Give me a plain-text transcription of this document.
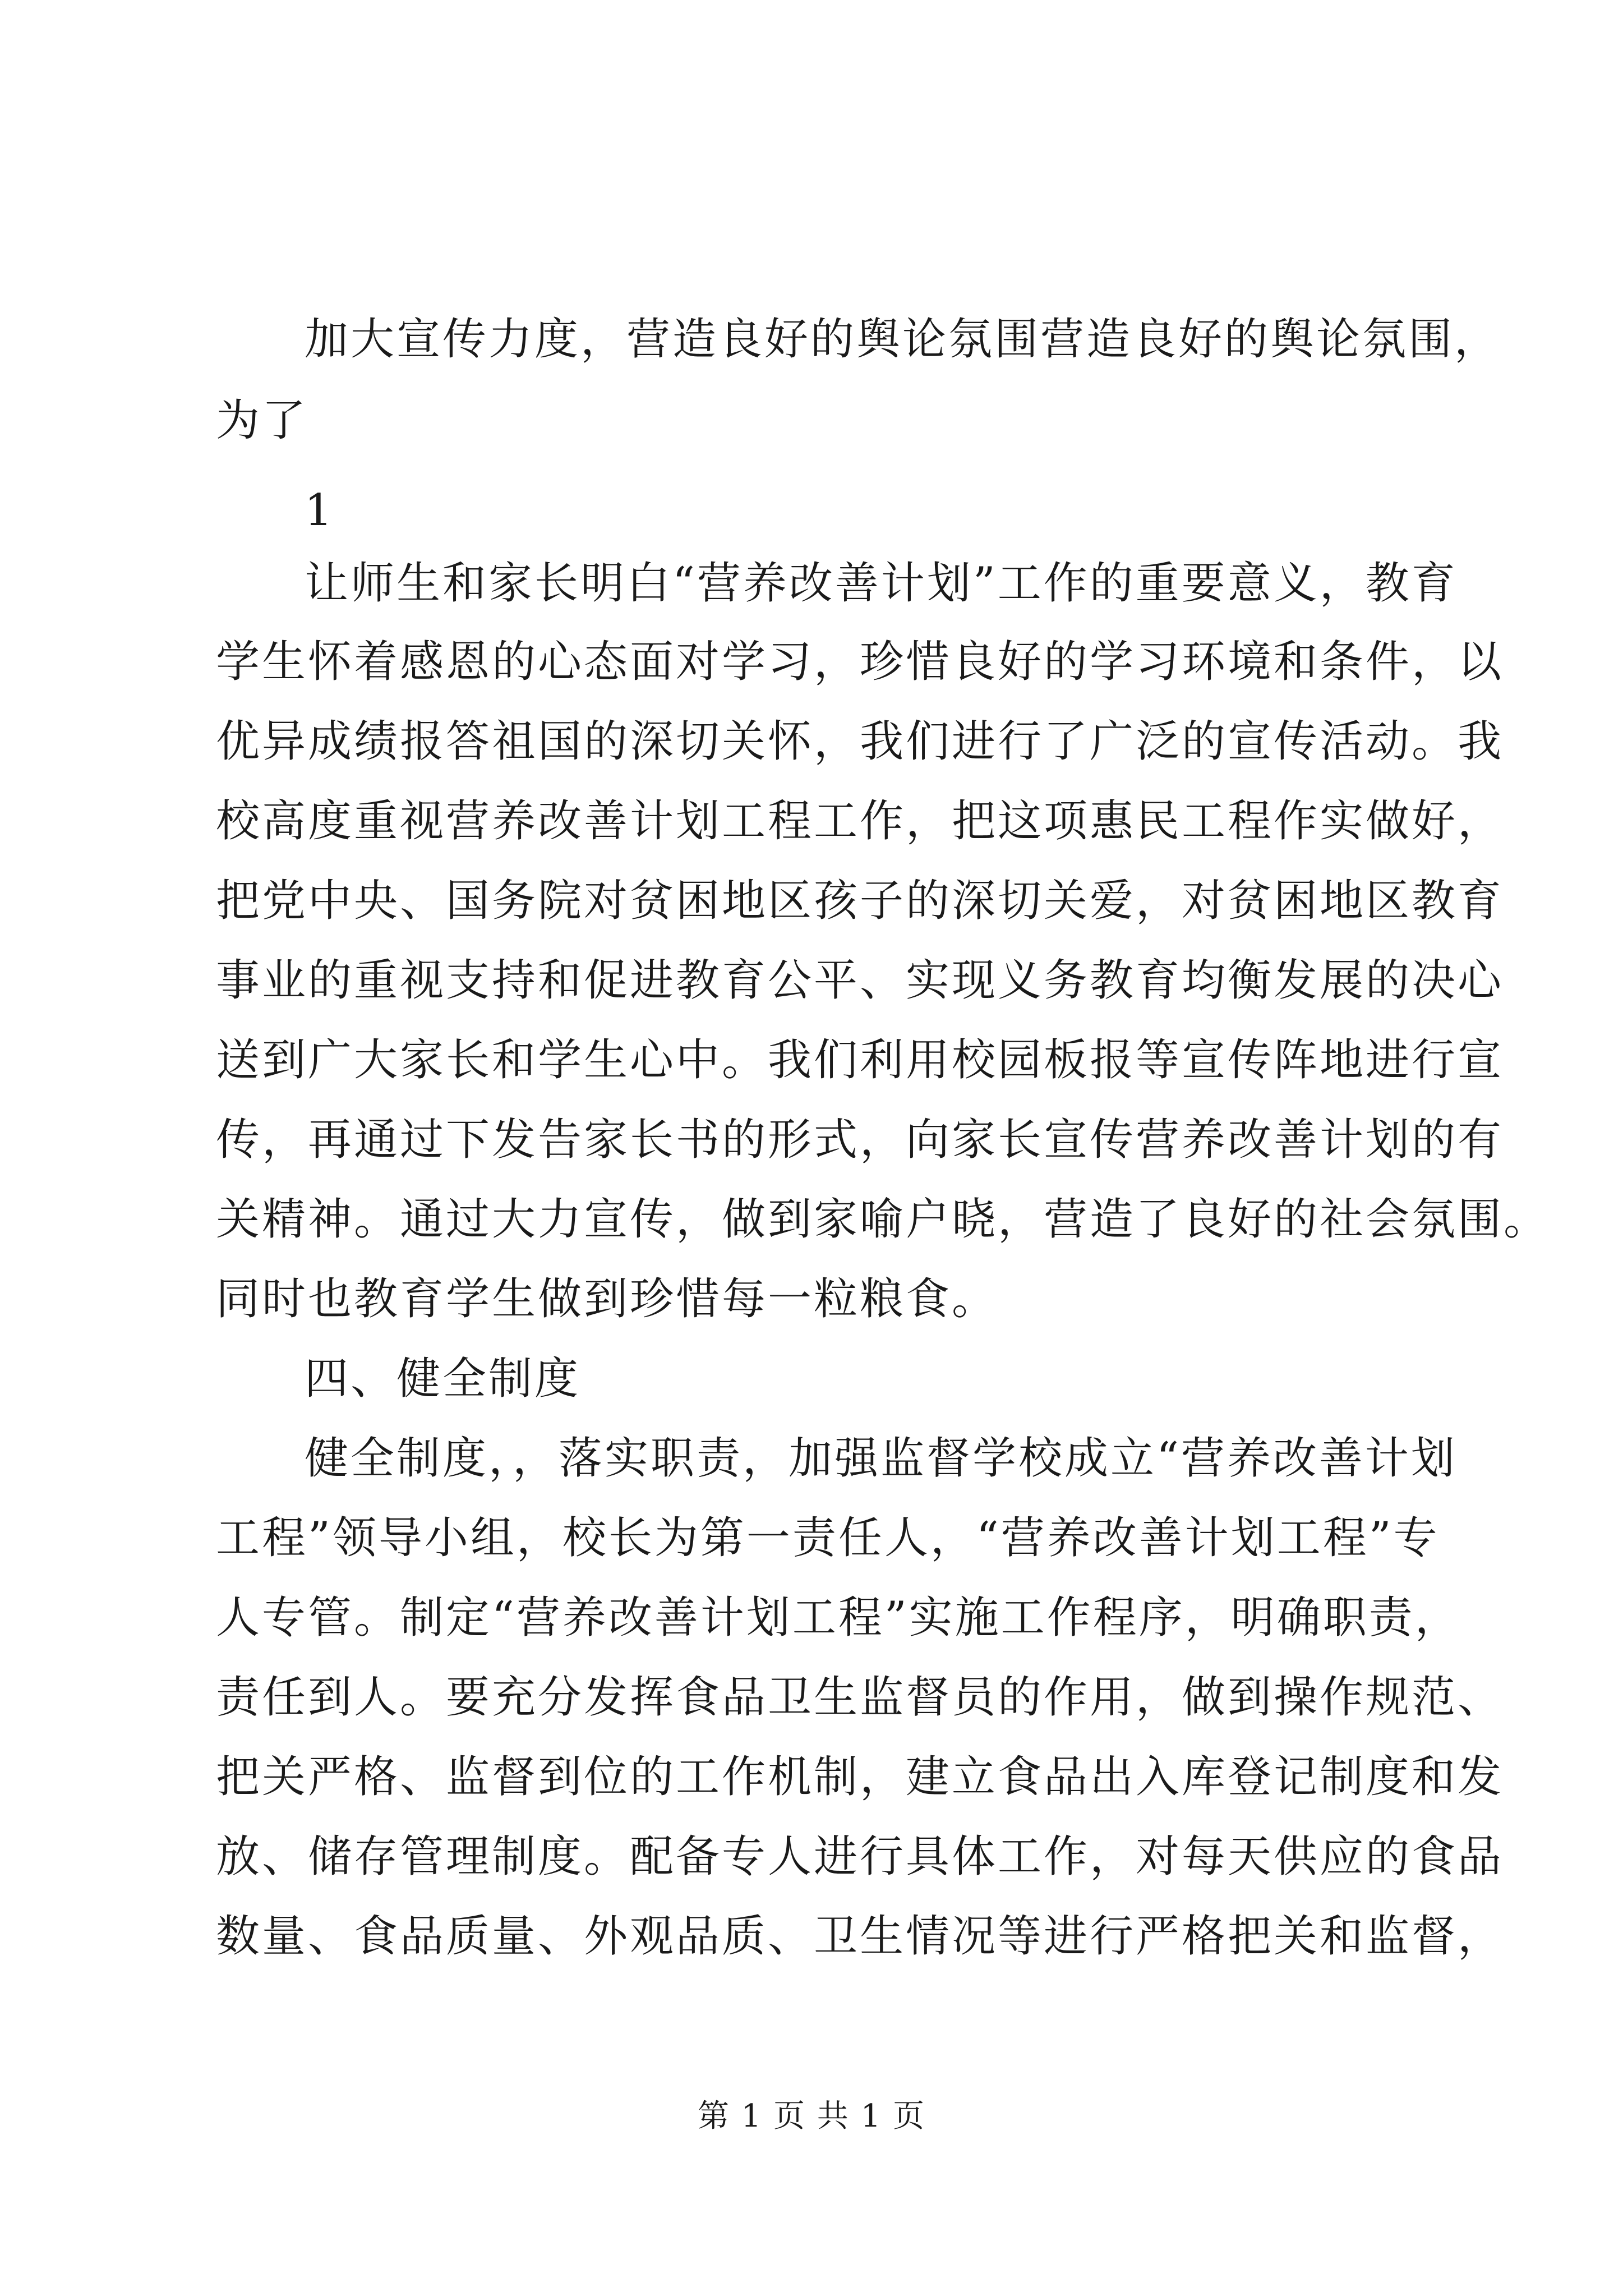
加大宣传力度，营造良好的舆论氛围营造良好的舆论氛围，
为了
1
让师生和家长明白“营养改善计划”工作的重要意义，教育
学生怀着感恩的心态面对学习，珍惜良好的学习环境和条件，以
优异成绩报答祖国的深切关怀，我们进行了广泛的宣传活动。我
校高度重视营养改善计划工程工作，把这项惠民工程作实做好，
把党中央、国务院对贫困地区孩子的深切关爱，对贫困地区教育
事业的重视支持和促进教育公平、实现义务教育均衡发展的决心
送到广大家长和学生心中。我们利用校园板报等宣传阵地进行宣
传，再通过下发告家长书的形式，向家长宣传营养改善计划的有
关精神。通过大力宣传，做到家喻户晓，营造了良好的社会氛围。
同时也教育学生做到珍惜每一粒粮食。
四、健全制度
健全制度，，落实职责，加强监督学校成立“营养改善计划
工程”领导小组，校长为第一责任人，“营养改善计划工程”专
人专管。制定“营养改善计划工程”实施工作程序，明确职责，
责任到人。要充分发挥食品卫生监督员的作用，做到操作规范、
把关严格、监督到位的工作机制，建立食品出入库登记制度和发
放、储存管理制度。配备专人进行具体工作，对每天供应的食品
数量、食品质量、外观品质、卫生情况等进行严格把关和监督，
第 1 页 共 1 页
